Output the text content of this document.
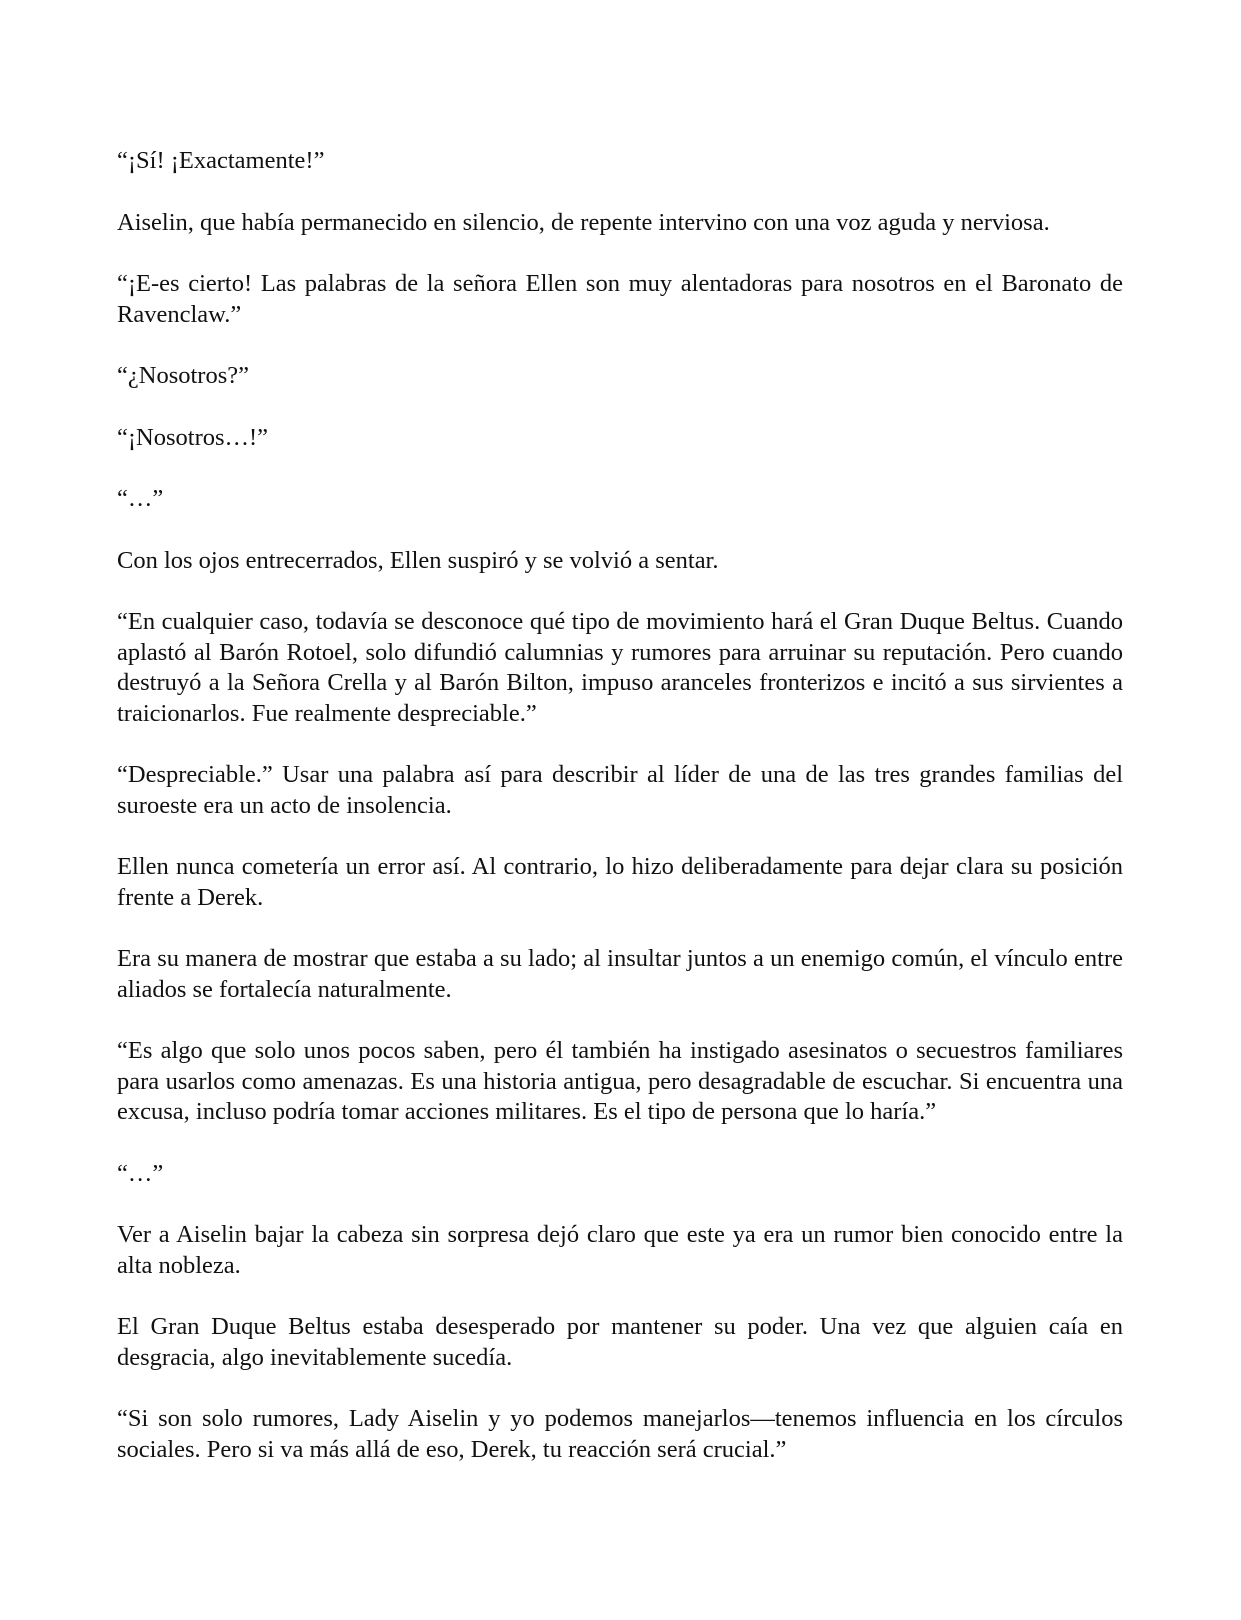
“¡Sí! ¡Exactamente!”

Aiselin, que había permanecido en silencio, de repente intervino con una voz aguda y nerviosa.

“¡E-es cierto! Las palabras de la señora Ellen son muy alentadoras para nosotros en el Baronato de Ravenclaw.”

“¿Nosotros?”

“¡Nosotros…!”

“…”

Con los ojos entrecerrados, Ellen suspiró y se volvió a sentar.

“En cualquier caso, todavía se desconoce qué tipo de movimiento hará el Gran Duque Beltus. Cuando aplastó al Barón Rotoel, solo difundió calumnias y rumores para arruinar su reputación. Pero cuando destruyó a la Señora Crella y al Barón Bilton, impuso aranceles fronterizos e incitó a sus sirvientes a traicionarlos. Fue realmente despreciable.”

“Despreciable.” Usar una palabra así para describir al líder de una de las tres grandes familias del suroeste era un acto de insolencia.

Ellen nunca cometería un error así. Al contrario, lo hizo deliberadamente para dejar clara su posición frente a Derek.

Era su manera de mostrar que estaba a su lado; al insultar juntos a un enemigo común, el vínculo entre aliados se fortalecía naturalmente.

“Es algo que solo unos pocos saben, pero él también ha instigado asesinatos o secuestros familiares para usarlos como amenazas. Es una historia antigua, pero desagradable de escuchar. Si encuentra una excusa, incluso podría tomar acciones militares. Es el tipo de persona que lo haría.”

“…”

Ver a Aiselin bajar la cabeza sin sorpresa dejó claro que este ya era un rumor bien conocido entre la alta nobleza.

El Gran Duque Beltus estaba desesperado por mantener su poder. Una vez que alguien caía en desgracia, algo inevitablemente sucedía.

“Si son solo rumores, Lady Aiselin y yo podemos manejarlos—tenemos influencia en los círculos sociales. Pero si va más allá de eso, Derek, tu reacción será crucial.”
